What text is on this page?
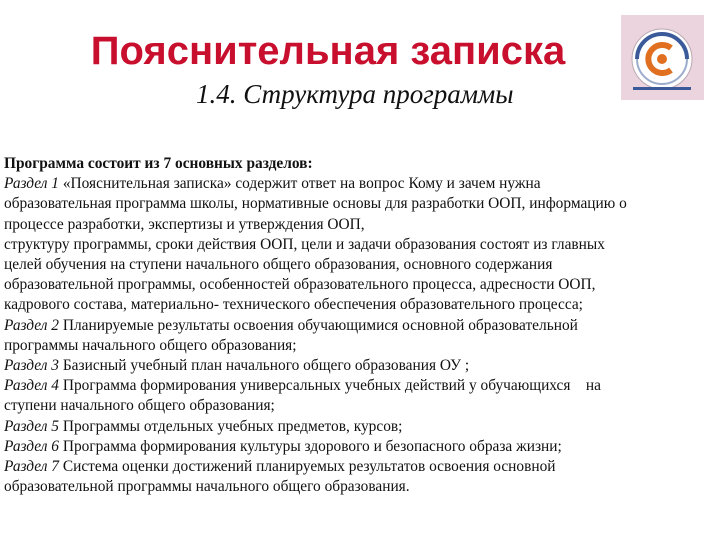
Пояснительная записка
1.4. Структура программы

Программа состоит из 7 основных разделов:

Раздел 1 «Пояснительная записка» содержит ответ на вопрос Кому и зачем нужна

образовательная программа школы, нормативные основы для разработки ООП, информацию о

процессе разработки, экспертизы и утверждения ООП,

структуру программы, сроки действия ООП, цели и задачи образования состоят из главных

целей обучения на ступени начального общего образования, основного содержания

образовательной программы, особенностей образовательного процесса, адресности ООП,

кадрового состава, материально- технического обеспечения образовательного процесса;

Раздел 2 Планируемые результаты освоения обучающимися основной образовательной

программы начального общего образования;

Раздел 3 Базисный учебный план начального общего образования ОУ ;

Раздел 4 Программа формирования универсальных учебных действий у обучающихся    на

ступени начального общего образования;

Раздел 5 Программы отдельных учебных предметов, курсов;

Раздел 6 Программа формирования культуры здорового и безопасного образа жизни;

Раздел 7 Система оценки достижений планируемых результатов освоения основной

образовательной программы начального общего образования.
